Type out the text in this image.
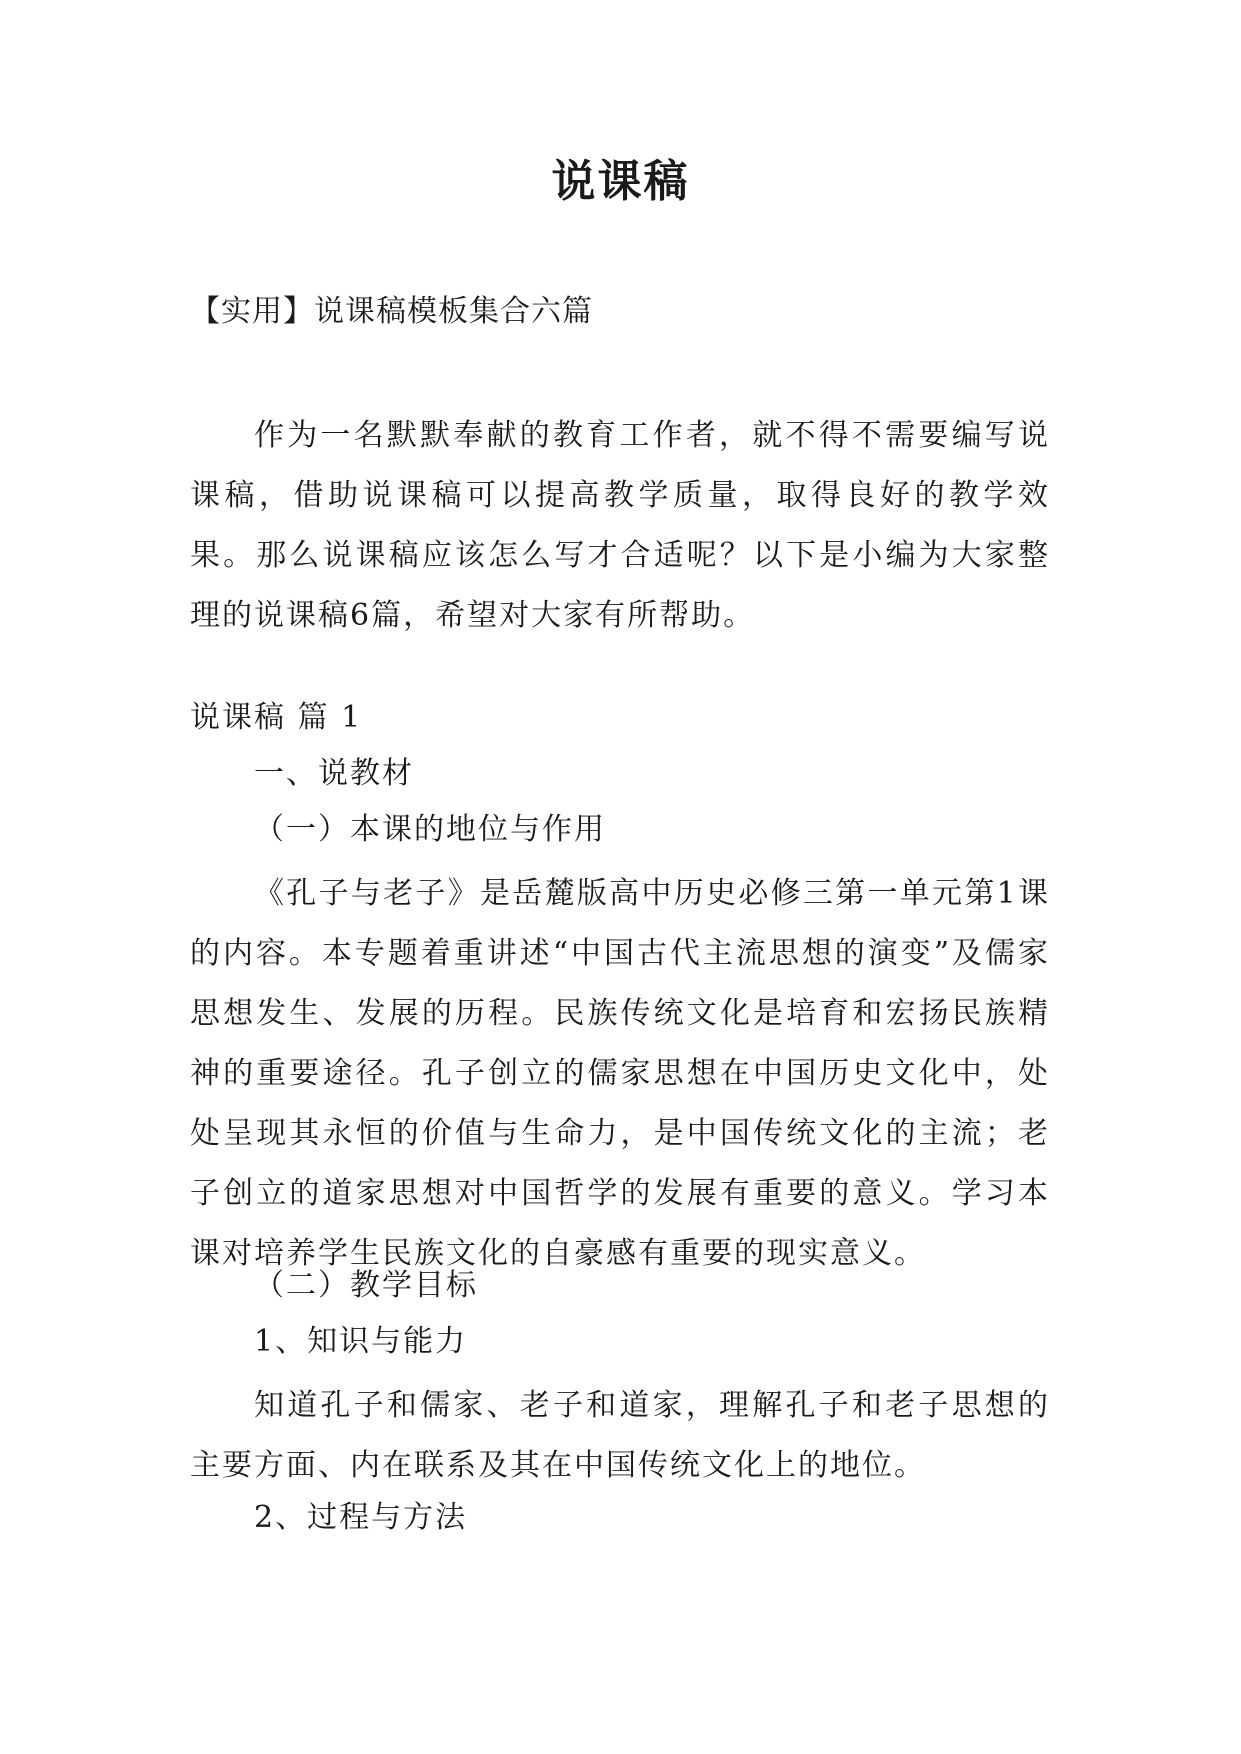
说课稿

【实用】说课稿模板集合六篇

作为一名默默奉献的教育工作者，就不得不需要编写说课稿，借助说课稿可以提高教学质量，取得良好的教学效果。那么说课稿应该怎么写才合适呢？以下是小编为大家整理的说课稿6篇，希望对大家有所帮助。

说课稿 篇 1

一、说教材

（一）本课的地位与作用

《孔子与老子》是岳麓版高中历史必修三第一单元第1课的内容。本专题着重讲述“中国古代主流思想的演变”及儒家思想发生、发展的历程。民族传统文化是培育和宏扬民族精神的重要途径。孔子创立的儒家思想在中国历史文化中，处处呈现其永恒的价值与生命力，是中国传统文化的主流；老子创立的道家思想对中国哲学的发展有重要的意义。学习本课对培养学生民族文化的自豪感有重要的现实意义。

（二）教学目标

1、知识与能力

知道孔子和儒家、老子和道家，理解孔子和老子思想的主要方面、内在联系及其在中国传统文化上的地位。

2、过程与方法
